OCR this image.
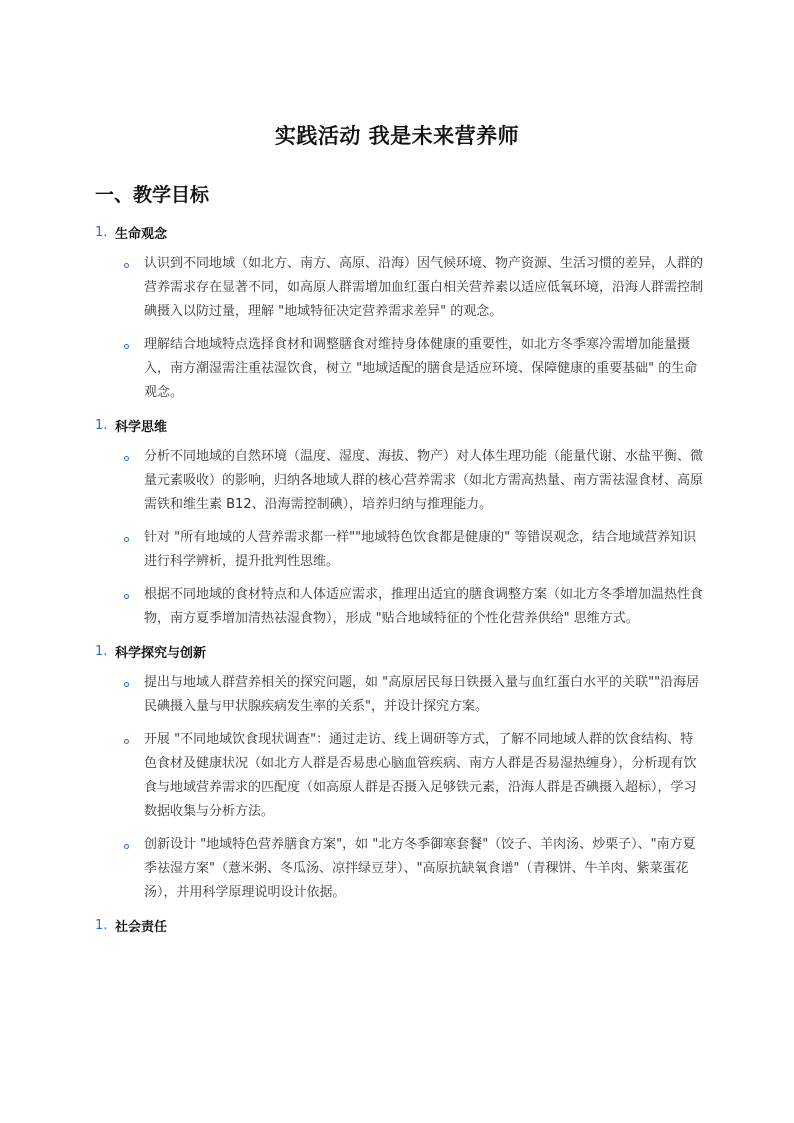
实践活动 我是未来营养师
一、教学目标
1. 生命观念
认识到不同地域（如北方、南方、高原、沿海）因气候环境、物产资源、生活习惯的差异，人群的营养需求存在显著不同，如高原人群需增加血红蛋白相关营养素以适应低氧环境，沿海人群需控制碘摄入以防过量，理解 "地域特征决定营养需求差异" 的观念。
理解结合地域特点选择食材和调整膳食对维持身体健康的重要性，如北方冬季寒冷需增加能量摄入，南方潮湿需注重祛湿饮食，树立 "地域适配的膳食是适应环境、保障健康的重要基础" 的生命观念。
1. 科学思维
分析不同地域的自然环境（温度、湿度、海拔、物产）对人体生理功能（能量代谢、水盐平衡、微量元素吸收）的影响，归纳各地域人群的核心营养需求（如北方需高热量、南方需祛湿食材、高原需铁和维生素 B12、沿海需控制碘），培养归纳与推理能力。
针对 "所有地域的人营养需求都一样""地域特色饮食都是健康的" 等错误观念，结合地域营养知识进行科学辨析，提升批判性思维。
根据不同地域的食材特点和人体适应需求，推理出适宜的膳食调整方案（如北方冬季增加温热性食物，南方夏季增加清热祛湿食物），形成 "贴合地域特征的个性化营养供给" 思维方式。
1. 科学探究与创新
提出与地域人群营养相关的探究问题，如 "高原居民每日铁摄入量与血红蛋白水平的关联""沿海居民碘摄入量与甲状腺疾病发生率的关系"，并设计探究方案。
开展 "不同地域饮食现状调查"：通过走访、线上调研等方式，了解不同地域人群的饮食结构、特色食材及健康状况（如北方人群是否易患心脑血管疾病、南方人群是否易湿热缠身），分析现有饮食与地域营养需求的匹配度（如高原人群是否摄入足够铁元素，沿海人群是否碘摄入超标），学习数据收集与分析方法。
创新设计 "地域特色营养膳食方案"，如 "北方冬季御寒套餐"（饺子、羊肉汤、炒栗子）、"南方夏季祛湿方案"（薏米粥、冬瓜汤、凉拌绿豆芽）、"高原抗缺氧食谱"（青稞饼、牛羊肉、紫菜蛋花汤），并用科学原理说明设计依据。
1. 社会责任
